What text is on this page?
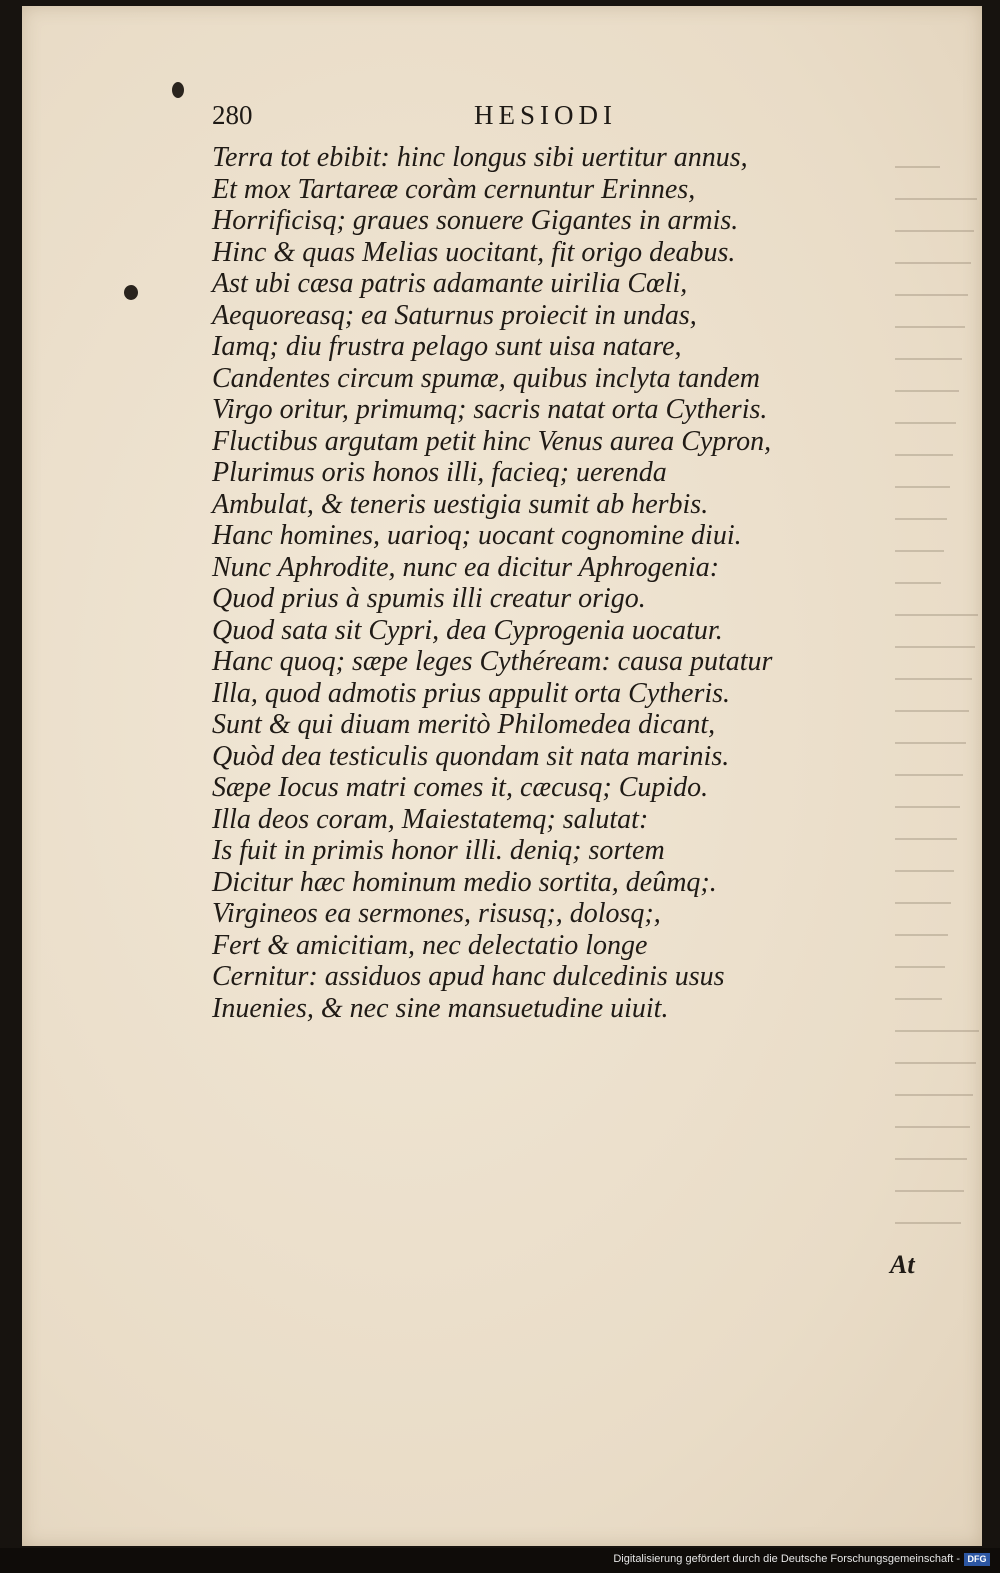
280	HESIODI
Terra tot ebibit: hinc longus sibi uertitur annus,
Et mox Tartareæ coràm cernuntur Erinnes,
Horrificisq; graues sonuere Gigantes in armis.
Hinc & quas Melias uocitant, fit origo deabus.
Ast ubi cæsa patris adamante uirilia Cœli,
Aequoreasq; ea Saturnus proiecit in undas,
Iamq; diu frustra pelago sunt uisa natare,
Candentes circum spumæ, quibus inclyta tandem
Virgo oritur, primumq; sacris natat orta Cytheris.
Fluctibus argutam petit hinc Venus aurea Cypron,
Plurimus oris honos illi, facieq; uerenda
Ambulat, & teneris uestigia sumit ab herbis.
Hanc homines, uarioq; uocant cognomine diui.
Nunc Aphrodite, nunc ea dicitur Aphrogenia:
Quod prius à spumis illi creatur origo.
Quod sata sit Cypri, dea Cyprogenia uocatur.
Hanc quoq; sæpe leges Cythéream: causa putatur
Illa, quod admotis prius appulit orta Cytheris.
Sunt & qui diuam meritò Philomedea dicant,
Quòd dea testiculis quondam sit nata marinis.
Sæpe Iocus matri comes it, cæcusq; Cupido.
Illa deos coram, Maiestatemq; salutat:
Is fuit in primis honor illi. deniq; sortem
Dicitur hæc hominum medio sortita, deûmq;.
Virgineos ea sermones, risusq;, dolosq;,
Fert & amicitiam, nec delectatio longe
Cernitur: assiduos apud hanc dulcedinis usus
Inuenies, & nec sine mansuetudine uiuit.
At
Digitalisierung gefördert durch die Deutsche Forschungsgemeinschaft - DFG
